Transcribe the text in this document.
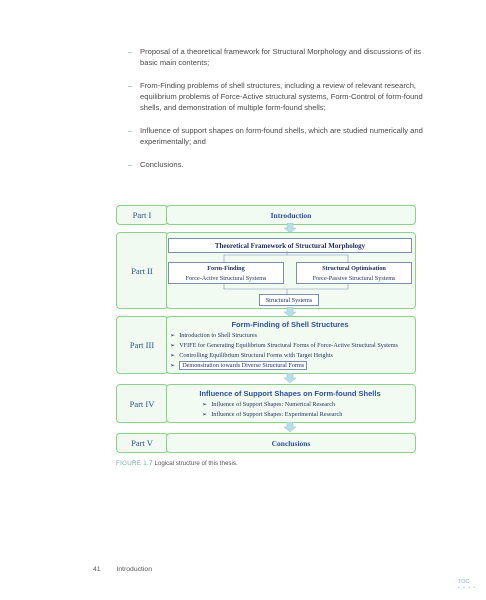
– Proposal of a theoretical framework for Structural Morphology and discussions of its basic main contents;
– From-Finding problems of shell structures, including a review of relevant research, equilibrium problems of Force-Active structural systems, Form-Control of form-found shells, and demonstration of multiple form-found shells;
– Influence of support shapes on form-found shells, which are studied numerically and experimentally; and
– Conclusions.
Part I	Introduction
Part II
Theoretical Framework of Structural Morphology
Form-Finding
Force-Active Structural Systems
Structural Optimisation
Force-Passive Structural Systems
Structural Systems
Part III
Form-Finding of Shell Structures
➢ Introduction to Shell Structures
➢ VFIFE for Generating Equilibrium Structural Forms of Force-Active Structural Systems
➢ Controlling Equilibrium Structural Forms with Target Heights
➢ Demonstration towards Diverse Structural Forms
Part IV
Influence of Support Shapes on Form-found Shells
➢ Influence of Support Shapes: Numerical Research
➢ Influence of Support Shapes: Experimental Research
Part V	Conclusions
FIGURE 1.7 Logical structure of this thesis.
41 Introduction
TOC
• • • •
